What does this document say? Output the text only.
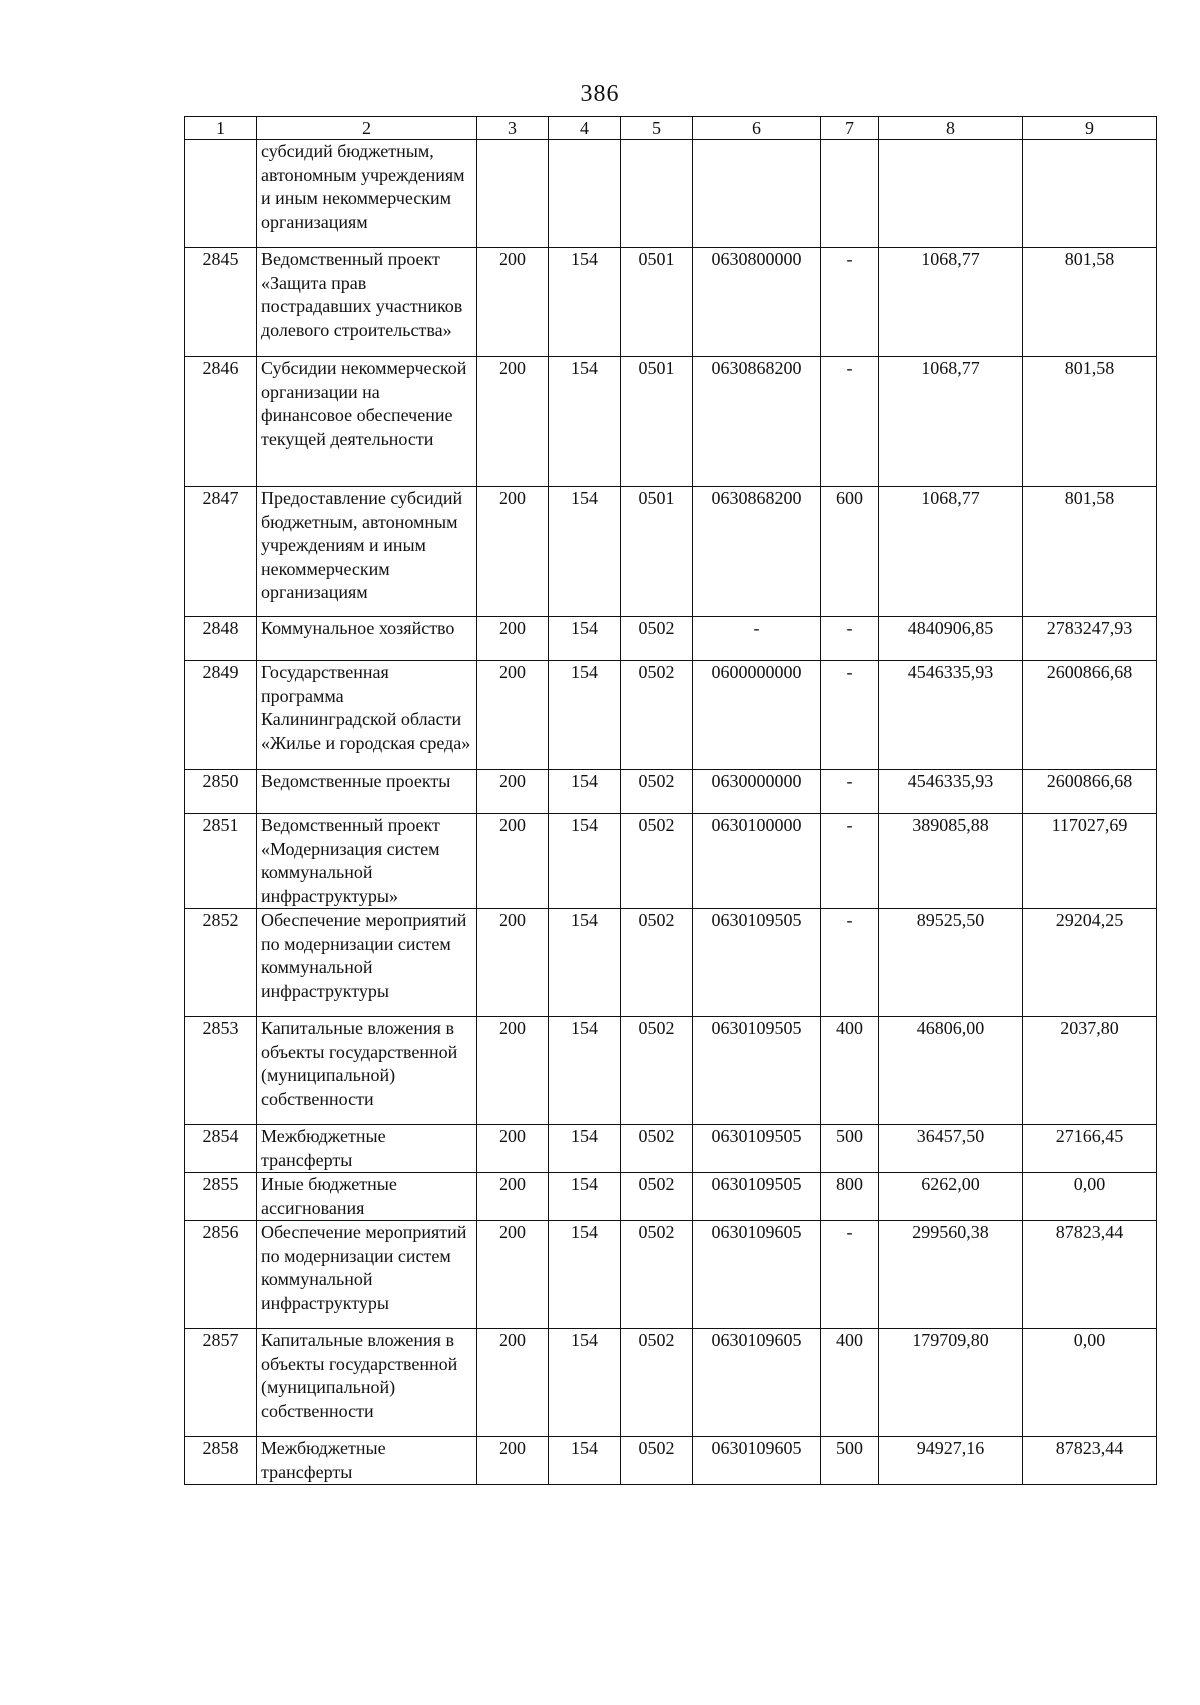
386
1	2	3	4	5	6	7	8	9
	субсидий бюджетным, автономным учреждениям и иным некоммерческим организациям							
2845	Ведомственный проект «Защита прав пострадавших участников долевого строительства»	200	154	0501	0630800000	-	1068,77	801,58
2846	Субсидии некоммерческой организации на финансовое обеспечение текущей деятельности	200	154	0501	0630868200	-	1068,77	801,58
2847	Предоставление субсидий бюджетным, автономным учреждениям и иным некоммерческим организациям	200	154	0501	0630868200	600	1068,77	801,58
2848	Коммунальное хозяйство	200	154	0502	-	-	4840906,85	2783247,93
2849	Государственная программа Калининградской области «Жилье и городская среда»	200	154	0502	0600000000	-	4546335,93	2600866,68
2850	Ведомственные проекты	200	154	0502	0630000000	-	4546335,93	2600866,68
2851	Ведомственный проект «Модернизация систем коммунальной инфраструктуры»	200	154	0502	0630100000	-	389085,88	117027,69
2852	Обеспечение мероприятий по модернизации систем коммунальной инфраструктуры	200	154	0502	0630109505	-	89525,50	29204,25
2853	Капитальные вложения в объекты государственной (муниципальной) собственности	200	154	0502	0630109505	400	46806,00	2037,80
2854	Межбюджетные трансферты	200	154	0502	0630109505	500	36457,50	27166,45
2855	Иные бюджетные ассигнования	200	154	0502	0630109505	800	6262,00	0,00
2856	Обеспечение мероприятий по модернизации систем коммунальной инфраструктуры	200	154	0502	0630109605	-	299560,38	87823,44
2857	Капитальные вложения в объекты государственной (муниципальной) собственности	200	154	0502	0630109605	400	179709,80	0,00
2858	Межбюджетные трансферты	200	154	0502	0630109605	500	94927,16	87823,44
